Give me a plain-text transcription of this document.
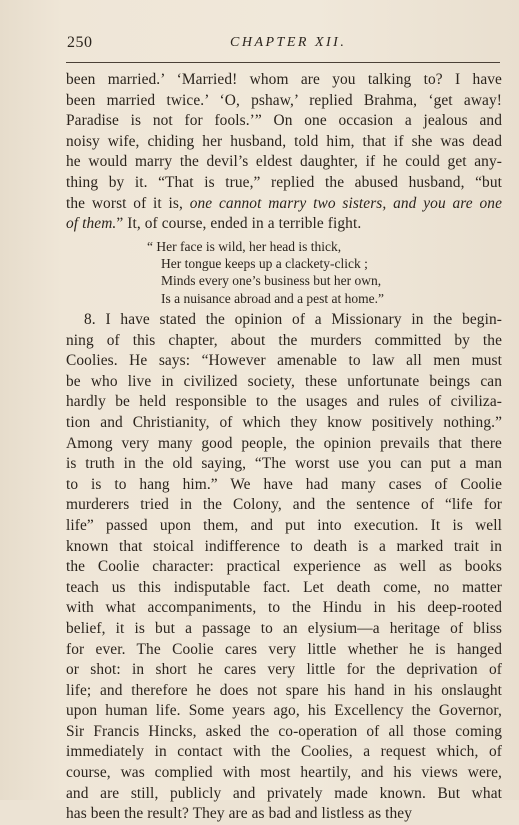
250	CHAPTER XII.
been married.’ ‘Married! whom are you talking to? I have
been married twice.’ ‘O, pshaw,’ replied Brahma, ‘get away!
Paradise is not for fools.’” On one occasion a jealous and
noisy wife, chiding her husband, told him, that if she was dead
he would marry the devil’s eldest daughter, if he could get any-
thing by it. “That is true,” replied the abused husband, “but
the worst of it is, one cannot marry two sisters, and you are one
of them.” It, of course, ended in a terrible fight.
“ Her face is wild, her head is thick,
Her tongue keeps up a clackety-click ;
Minds every one’s business but her own,
Is a nuisance abroad and a pest at home.”
8. I have stated the opinion of a Missionary in the begin-
ning of this chapter, about the murders committed by the
Coolies. He says: “However amenable to law all men must
be who live in civilized society, these unfortunate beings can
hardly be held responsible to the usages and rules of civiliza-
tion and Christianity, of which they know positively nothing.”
Among very many good people, the opinion prevails that there
is truth in the old saying, “The worst use you can put a man
to is to hang him.” We have had many cases of Coolie
murderers tried in the Colony, and the sentence of “life for
life” passed upon them, and put into execution. It is well
known that stoical indifference to death is a marked trait in
the Coolie character: practical experience as well as books
teach us this indisputable fact. Let death come, no matter
with what accompaniments, to the Hindu in his deep-rooted
belief, it is but a passage to an elysium—a heritage of bliss
for ever. The Coolie cares very little whether he is hanged
or shot: in short he cares very little for the deprivation of
life; and therefore he does not spare his hand in his onslaught
upon human life. Some years ago, his Excellency the Governor,
Sir Francis Hincks, asked the co-operation of all those coming
immediately in contact with the Coolies, a request which, of
course, was complied with most heartily, and his views were,
and are still, publicly and privately made known. But what
has been the result? They are as bad and listless as they
